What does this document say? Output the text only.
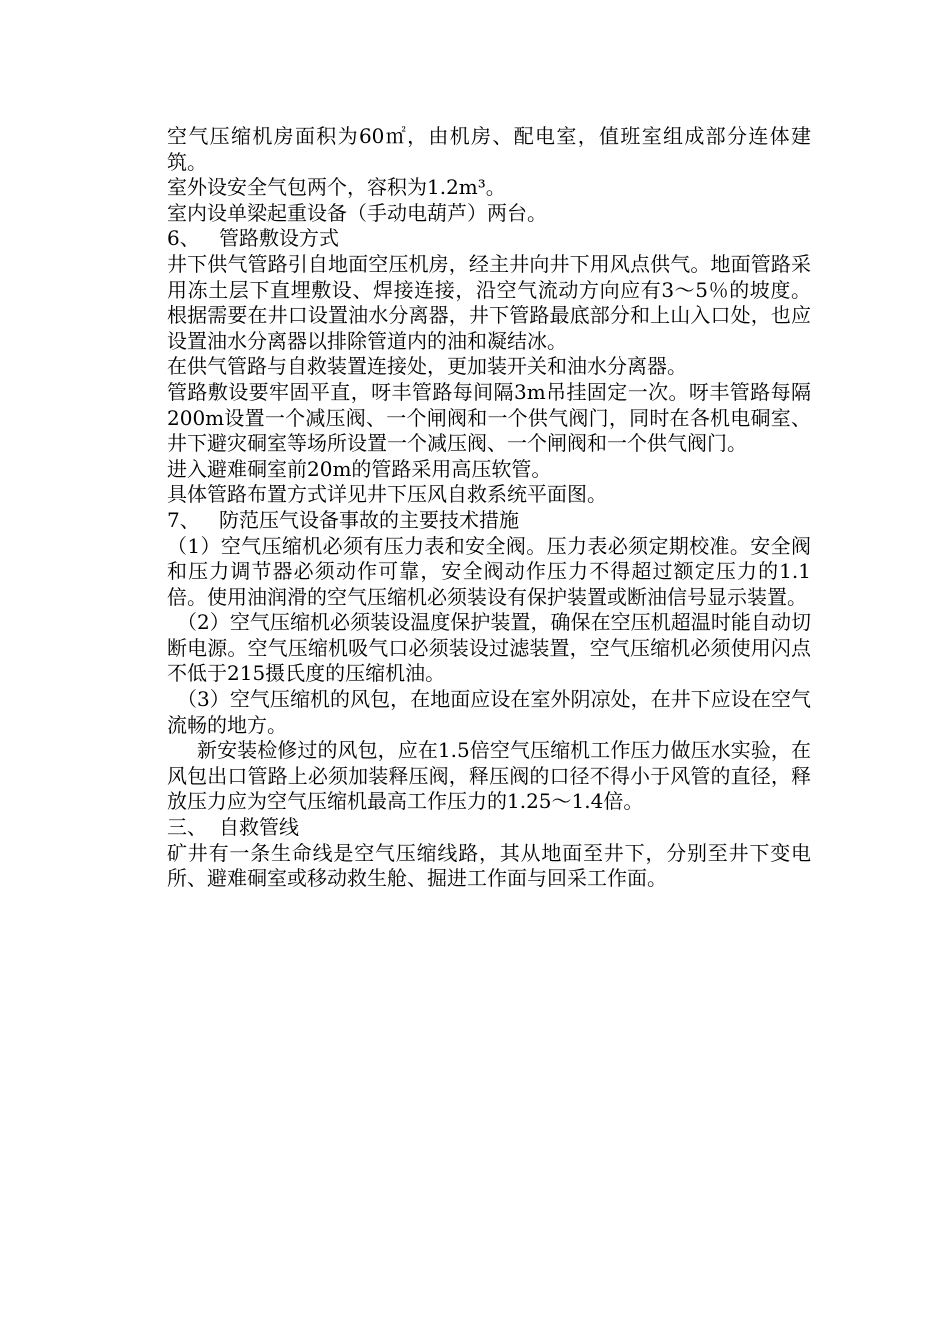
空气压缩机房面积为60㎡，由机房、配电室，值班室组成部分连体建筑。

室外设安全气包两个，容积为1.2m³。

室内设单梁起重设备（手动电葫芦）两台。

6、 管路敷设方式

井下供气管路引自地面空压机房，经主井向井下用风点供气。地面管路采用冻土层下直埋敷设、焊接连接，沿空气流动方向应有3～5％的坡度。根据需要在井口设置油水分离器，井下管路最底部分和上山入口处，也应设置油水分离器以排除管道内的油和凝结冰。

在供气管路与自救装置连接处，更加装开关和油水分离器。

管路敷设要牢固平直，呀丰管路每间隔3m吊挂固定一次。呀丰管路每隔200m设置一个减压阀、一个闸阀和一个供气阀门，同时在各机电硐室、井下避灾硐室等场所设置一个减压阀、一个闸阀和一个供气阀门。

进入避难硐室前20m的管路采用高压软管。

具体管路布置方式详见井下压风自救系统平面图。

7、 防范压气设备事故的主要技术措施

（1）空气压缩机必须有压力表和安全阀。压力表必须定期校准。安全阀和压力调节器必须动作可靠，安全阀动作压力不得超过额定压力的1.1倍。使用油润滑的空气压缩机必须装设有保护装置或断油信号显示装置。

（2）空气压缩机必须装设温度保护装置，确保在空压机超温时能自动切断电源。空气压缩机吸气口必须装设过滤装置，空气压缩机必须使用闪点不低于215摄氏度的压缩机油。

（3）空气压缩机的风包，在地面应设在室外阴凉处，在井下应设在空气流畅的地方。

新安装检修过的风包，应在1.5倍空气压缩机工作压力做压水实验，在风包出口管路上必须加装释压阀，释压阀的口径不得小于风管的直径，释放压力应为空气压缩机最高工作压力的1.25～1.4倍。

三、 自救管线

矿井有一条生命线是空气压缩线路，其从地面至井下，分别至井下变电所、避难硐室或移动救生舱、掘进工作面与回采工作面。
